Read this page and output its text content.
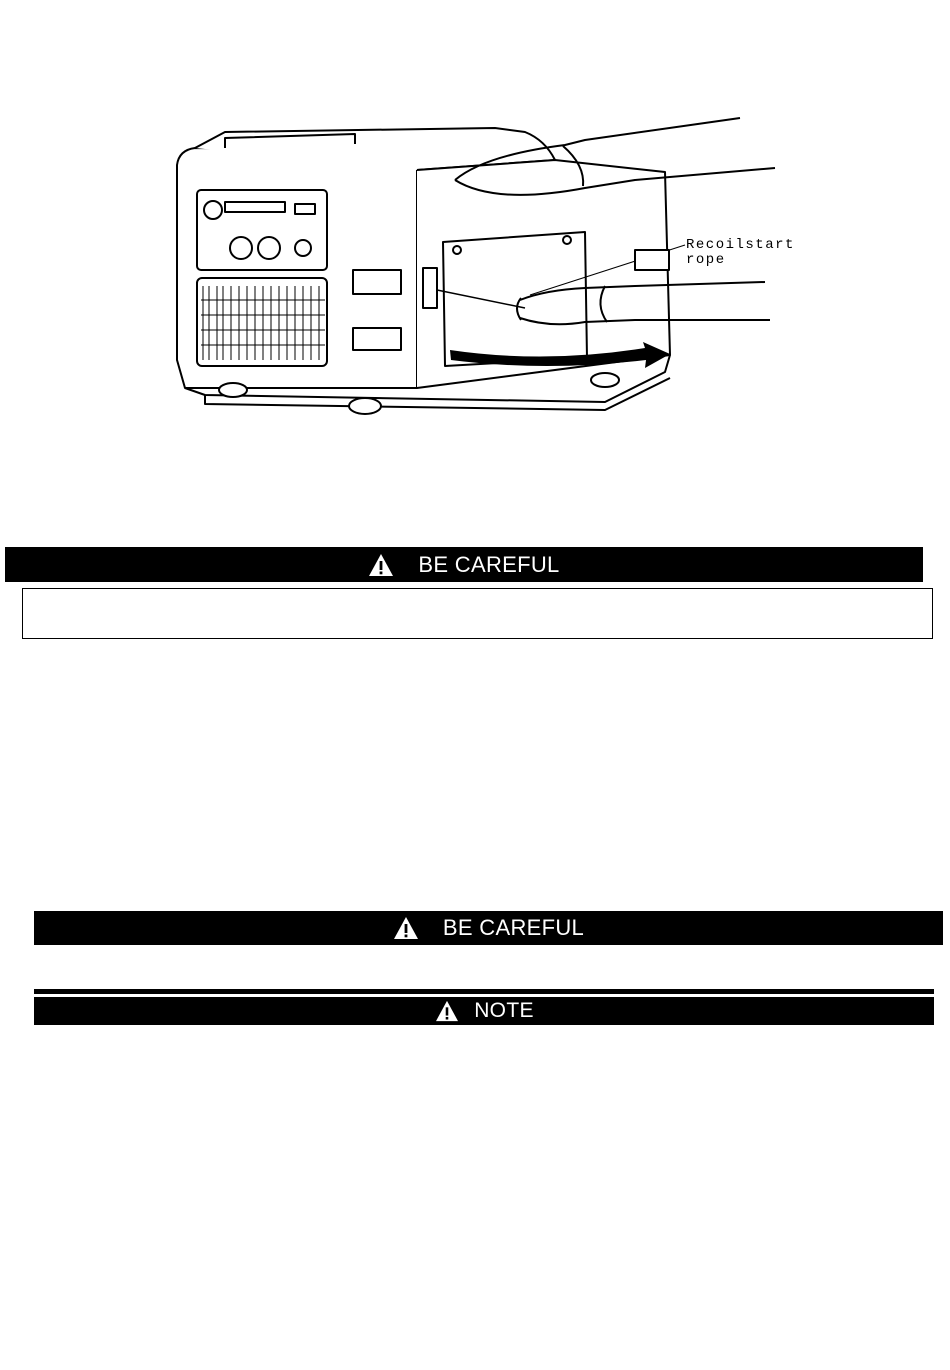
Recoilstart
rope
BE CAREFUL
BE CAREFUL
NOTE
